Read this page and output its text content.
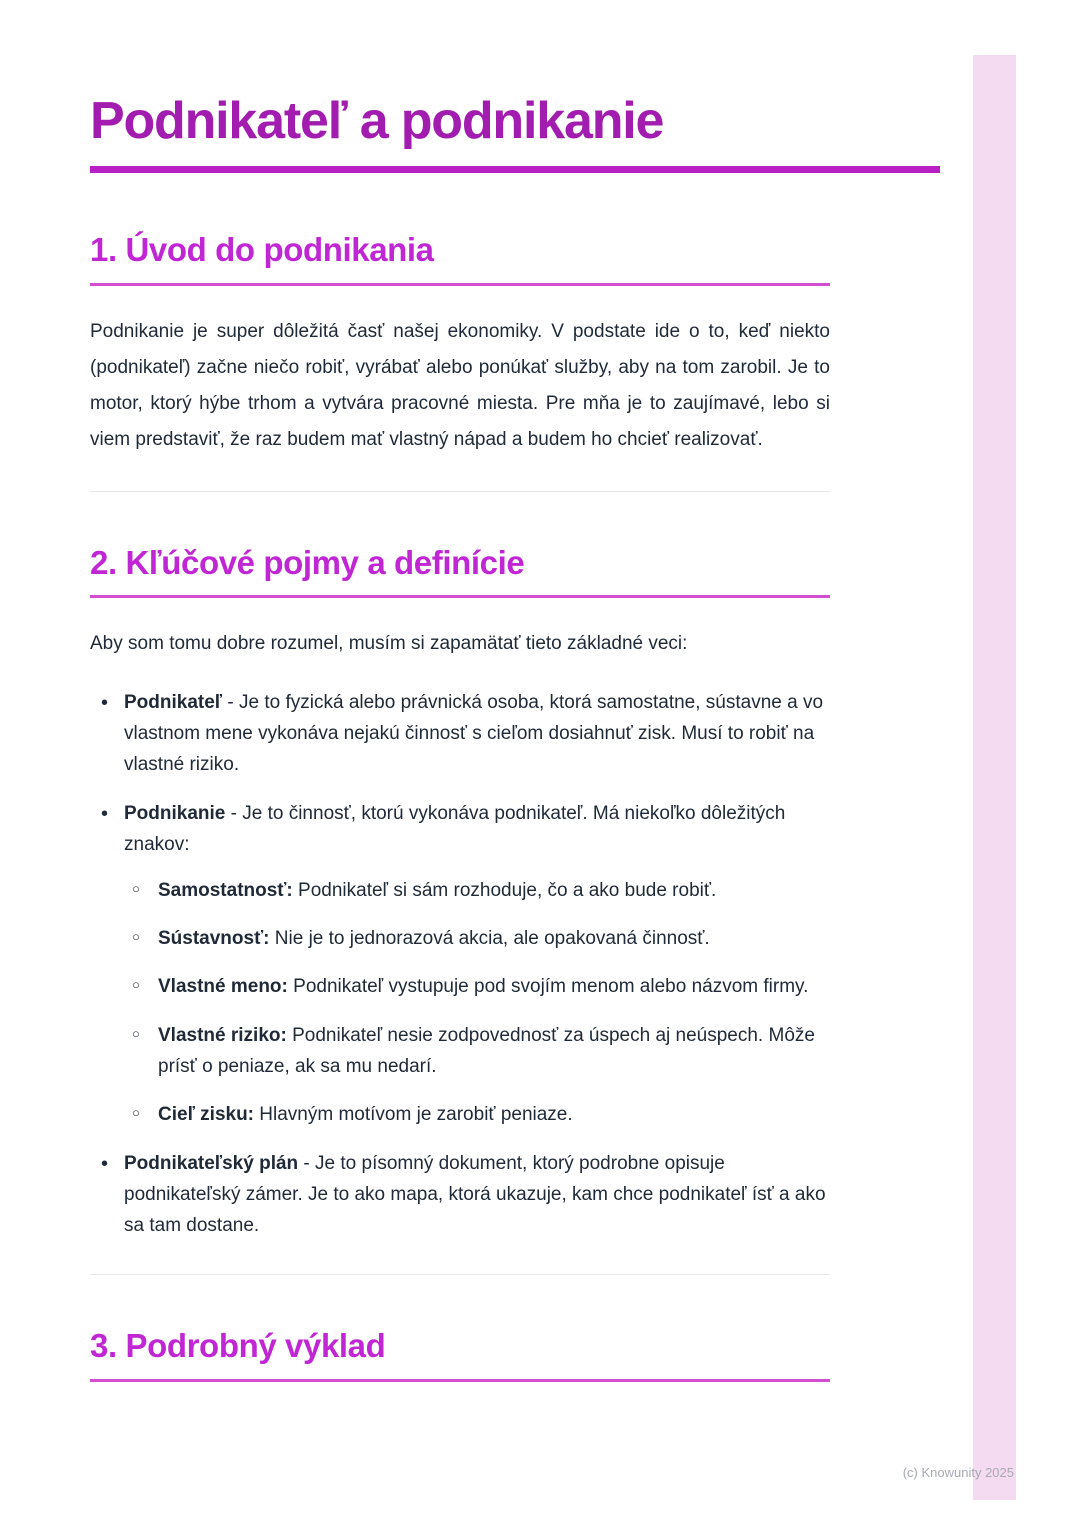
Podnikateľ a podnikanie
1. Úvod do podnikania

Podnikanie je super dôležitá časť našej ekonomiky. V podstate ide o to, keď niekto (podnikateľ) začne niečo robiť, vyrábať alebo ponúkať služby, aby na tom zarobil. Je to motor, ktorý hýbe trhom a vytvára pracovné miesta. Pre mňa je to zaujímavé, lebo si viem predstaviť, že raz budem mať vlastný nápad a budem ho chcieť realizovať.

2. Kľúčové pojmy a definície

Aby som tomu dobre rozumel, musím si zapamätať tieto základné veci:

• Podnikateľ - Je to fyzická alebo právnická osoba, ktorá samostatne, sústavne a vo vlastnom mene vykonáva nejakú činnosť s cieľom dosiahnuť zisk. Musí to robiť na vlastné riziko.
• Podnikanie - Je to činnosť, ktorú vykonáva podnikateľ. Má niekoľko dôležitých znakov:
○ Samostatnosť: Podnikateľ si sám rozhoduje, čo a ako bude robiť.
○ Sústavnosť: Nie je to jednorazová akcia, ale opakovaná činnosť.
○ Vlastné meno: Podnikateľ vystupuje pod svojím menom alebo názvom firmy.
○ Vlastné riziko: Podnikateľ nesie zodpovednosť za úspech aj neúspech. Môže prísť o peniaze, ak sa mu nedarí.
○ Cieľ zisku: Hlavným motívom je zarobiť peniaze.
• Podnikateľský plán - Je to písomný dokument, ktorý podrobne opisuje podnikateľský zámer. Je to ako mapa, ktorá ukazuje, kam chce podnikateľ ísť a ako sa tam dostane.
3. Podrobný výklad
(c) Knowunity 2025
